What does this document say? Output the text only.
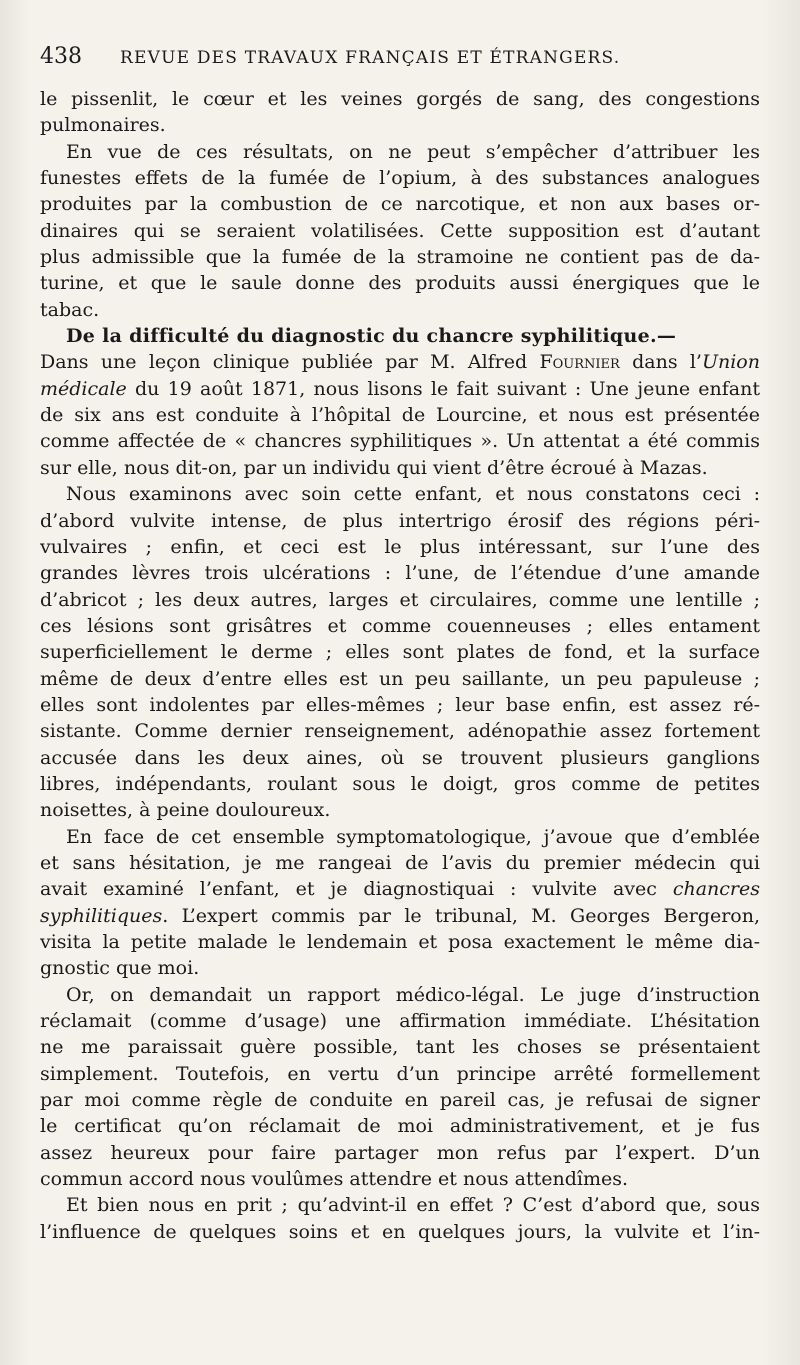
438 REVUE DES TRAVAUX FRANÇAIS ET ÉTRANGERS.
le pissenlit, le cœur et les veines gorgés de sang, des congestions
pulmonaires.
En vue de ces résultats, on ne peut s’empêcher d’attribuer les
funestes effets de la fumée de l’opium, à des substances analogues
produites par la combustion de ce narcotique, et non aux bases or-
dinaires qui se seraient volatilisées. Cette supposition est d’autant
plus admissible que la fumée de la stramoine ne contient pas de da-
turine, et que le saule donne des produits aussi énergiques que le
tabac.
De la difficulté du diagnostic du chancre syphilitique.—
Dans une leçon clinique publiée par M. Alfred Fournier dans l’Union
médicale du 19 août 1871, nous lisons le fait suivant : Une jeune enfant
de six ans est conduite à l’hôpital de Lourcine, et nous est présentée
comme affectée de « chancres syphilitiques ». Un attentat a été commis
sur elle, nous dit-on, par un individu qui vient d’être écroué à Mazas.
Nous examinons avec soin cette enfant, et nous constatons ceci :
d’abord vulvite intense, de plus intertrigo érosif des régions péri-
vulvaires ; enfin, et ceci est le plus intéressant, sur l’une des
grandes lèvres trois ulcérations : l’une, de l’étendue d’une amande
d’abricot ; les deux autres, larges et circulaires, comme une lentille ;
ces lésions sont grisâtres et comme couenneuses ; elles entament
superficiellement le derme ; elles sont plates de fond, et la surface
même de deux d’entre elles est un peu saillante, un peu papuleuse ;
elles sont indolentes par elles-mêmes ; leur base enfin, est assez ré-
sistante. Comme dernier renseignement, adénopathie assez fortement
accusée dans les deux aines, où se trouvent plusieurs ganglions
libres, indépendants, roulant sous le doigt, gros comme de petites
noisettes, à peine douloureux.
En face de cet ensemble symptomatologique, j’avoue que d’emblée
et sans hésitation, je me rangeai de l’avis du premier médecin qui
avait examiné l’enfant, et je diagnostiquai : vulvite avec chancres
syphilitiques. L’expert commis par le tribunal, M. Georges Bergeron,
visita la petite malade le lendemain et posa exactement le même dia-
gnostic que moi.
Or, on demandait un rapport médico-légal. Le juge d’instruction
réclamait (comme d’usage) une affirmation immédiate. L’hésitation
ne me paraissait guère possible, tant les choses se présentaient
simplement. Toutefois, en vertu d’un principe arrêté formellement
par moi comme règle de conduite en pareil cas, je refusai de signer
le certificat qu’on réclamait de moi administrativement, et je fus
assez heureux pour faire partager mon refus par l’expert. D’un
commun accord nous voulûmes attendre et nous attendîmes.
Et bien nous en prit ; qu’advint-il en effet ? C’est d’abord que, sous
l’influence de quelques soins et en quelques jours, la vulvite et l’in-
